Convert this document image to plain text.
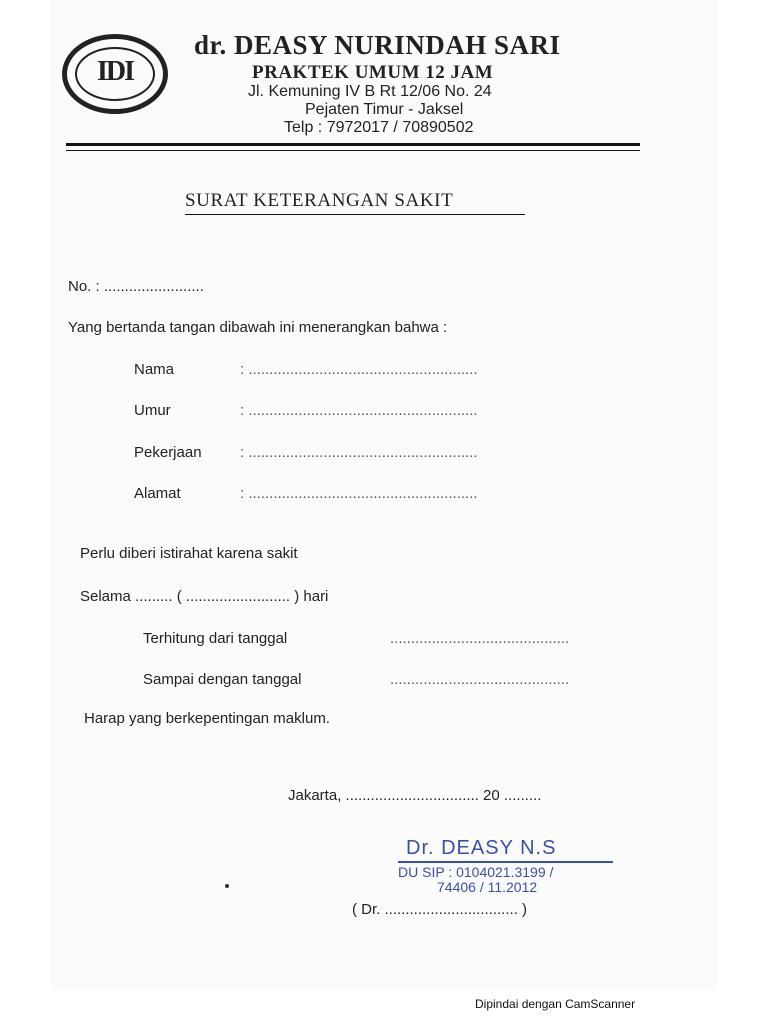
IDI
dr. DEASY NURINDAH SARI
PRAKTEK UMUM 12 JAM
Jl. Kemuning IV B Rt 12/06 No. 24
Pejaten Timur - Jaksel
Telp : 7972017 / 70890502
SURAT KETERANGAN SAKIT
No. : ........................
Yang bertanda tangan dibawah ini menerangkan bahwa :
Nama	: .......................................................
Umur	: .......................................................
Pekerjaan	: .......................................................
Alamat	: .......................................................
Perlu diberi istirahat karena sakit
Selama ......... ( ......................... ) hari
Terhitung dari tanggal	...........................................
Sampai dengan tanggal	...........................................
Harap yang berkepentingan maklum.
Jakarta, ................................ 20 .........
Dr. DEASY N.S
DU SIP : 0104021.3199 /
74406 / 11.2012
( Dr. ................................ )
Dipindai dengan CamScanner
